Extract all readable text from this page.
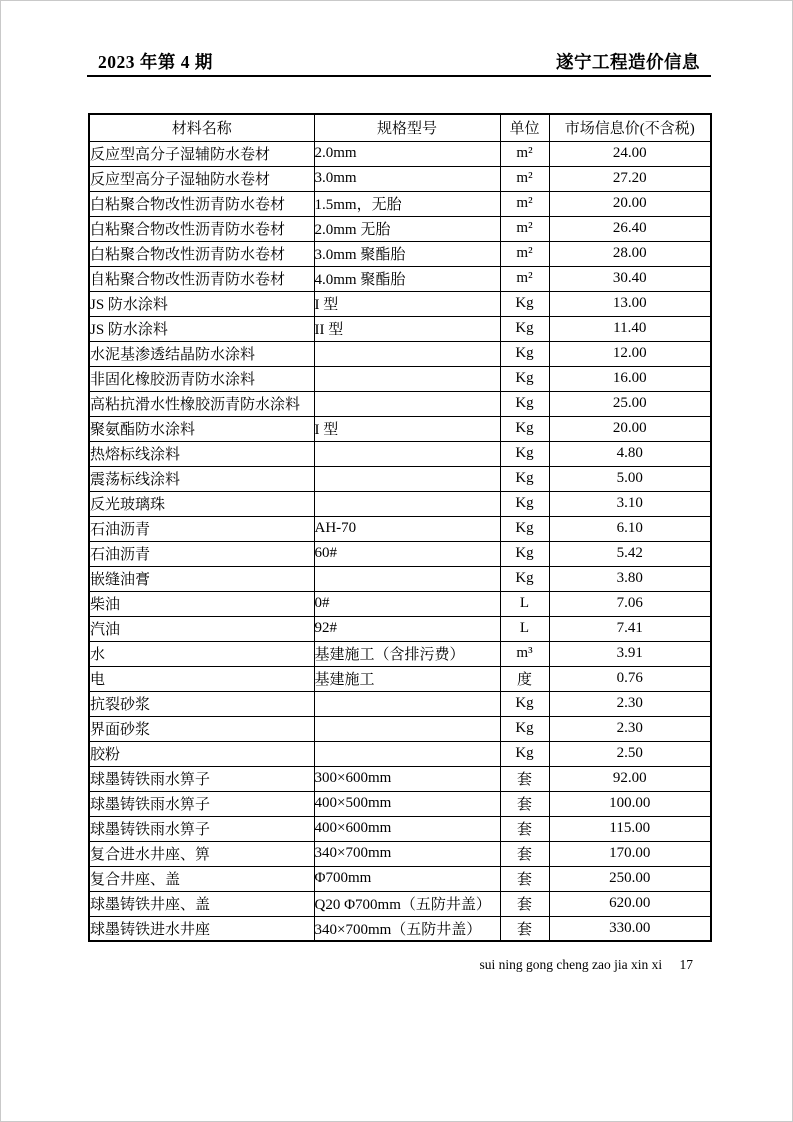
2023 年第 4 期	遂宁工程造价信息
材料名称	规格型号	单位	市场信息价(不含税)
反应型高分子湿辅防水卷材	2.0mm	m²	24.00
反应型高分子湿轴防水卷材	3.0mm	m²	27.20
白粘聚合物改性沥青防水卷材	1.5mm，无胎	m²	20.00
白粘聚合物改性沥青防水卷材	2.0mm 无胎	m²	26.40
白粘聚合物改性沥青防水卷材	3.0mm 聚酯胎	m²	28.00
自粘聚合物改性沥青防水卷材	4.0mm 聚酯胎	m²	30.40
JS 防水涂料	I 型	Kg	13.00
JS 防水涂料	II 型	Kg	11.40
水泥基渗透结晶防水涂料		Kg	12.00
非固化橡胶沥青防水涂料		Kg	16.00
高粘抗滑水性橡胶沥青防水涂料		Kg	25.00
聚氨酯防水涂料	I 型	Kg	20.00
热熔标线涂料		Kg	4.80
震荡标线涂料		Kg	5.00
反光玻璃珠		Kg	3.10
石油沥青	AH-70	Kg	6.10
石油沥青	60#	Kg	5.42
嵌缝油膏		Kg	3.80
柴油	0#	L	7.06
汽油	92#	L	7.41
水	基建施工（含排污费）	m³	3.91
电	基建施工	度	0.76
抗裂砂浆		Kg	2.30
界面砂浆		Kg	2.30
胶粉		Kg	2.50
球墨铸铁雨水箅子	300×600mm	套	92.00
球墨铸铁雨水箅子	400×500mm	套	100.00
球墨铸铁雨水箅子	400×600mm	套	115.00
复合进水井座、箅	340×700mm	套	170.00
复合井座、盖	Φ700mm	套	250.00
球墨铸铁井座、盖	Q20 Φ700mm（五防井盖）	套	620.00
球墨铸铁进水井座	340×700mm（五防井盖）	套	330.00
sui ning gong cheng zao jia xin xi 17
